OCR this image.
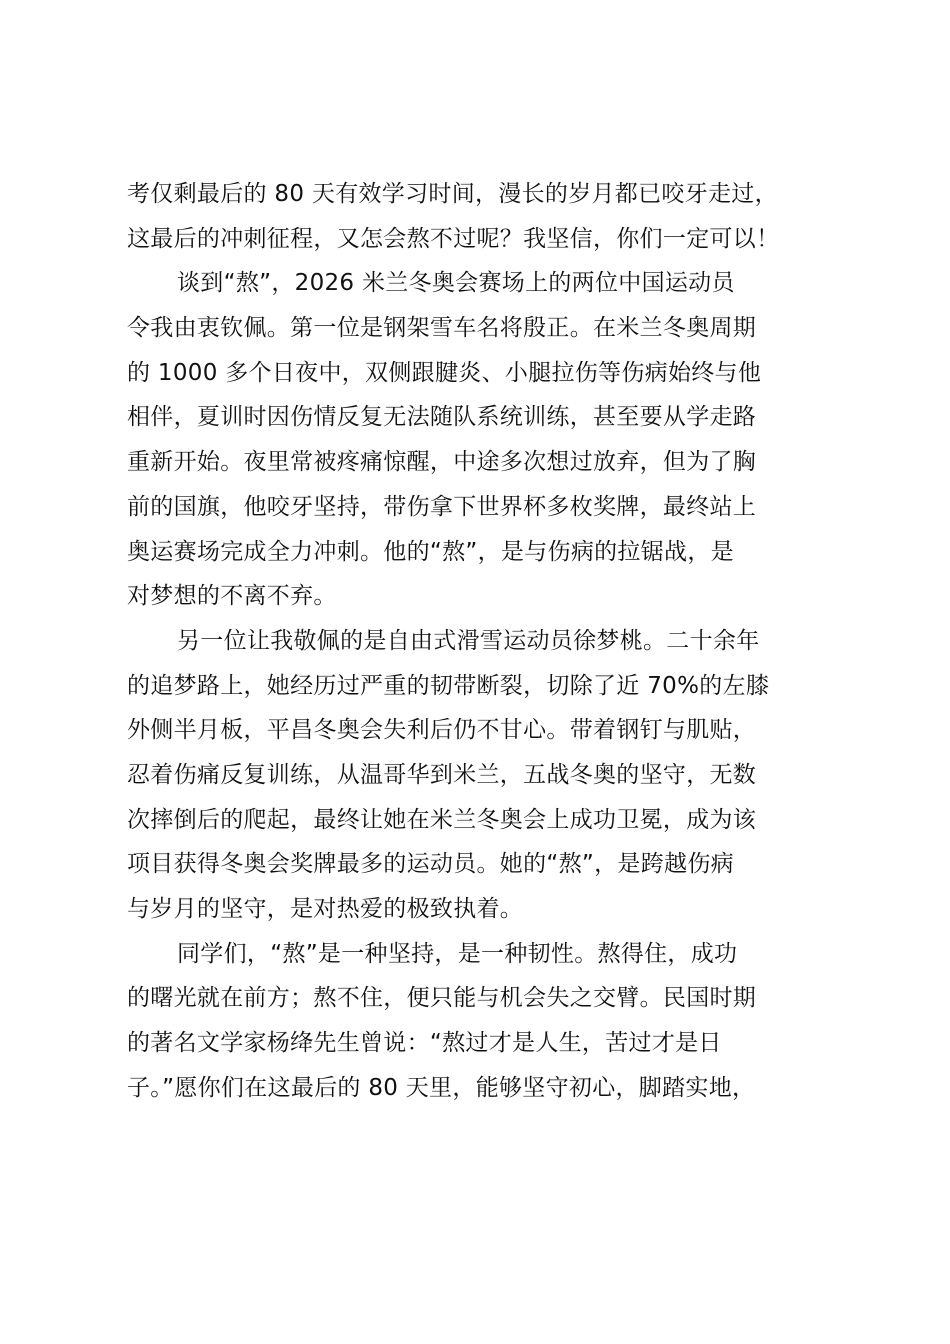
考仅剩最后的 80 天有效学习时间，漫长的岁月都已咬牙走过，
这最后的冲刺征程，又怎会熬不过呢？我坚信，你们一定可以！
谈到“熬”，2026 米兰冬奥会赛场上的两位中国运动员
令我由衷钦佩。第一位是钢架雪车名将殷正。在米兰冬奥周期
的 1000 多个日夜中，双侧跟腱炎、小腿拉伤等伤病始终与他
相伴，夏训时因伤情反复无法随队系统训练，甚至要从学走路
重新开始。夜里常被疼痛惊醒，中途多次想过放弃，但为了胸
前的国旗，他咬牙坚持，带伤拿下世界杯多枚奖牌，最终站上
奥运赛场完成全力冲刺。他的“熬”，是与伤病的拉锯战，是
对梦想的不离不弃。
另一位让我敬佩的是自由式滑雪运动员徐梦桃。二十余年
的追梦路上，她经历过严重的韧带断裂，切除了近 70%的左膝
外侧半月板，平昌冬奥会失利后仍不甘心。带着钢钉与肌贴，
忍着伤痛反复训练，从温哥华到米兰，五战冬奥的坚守，无数
次摔倒后的爬起，最终让她在米兰冬奥会上成功卫冕，成为该
项目获得冬奥会奖牌最多的运动员。她的“熬”，是跨越伤病
与岁月的坚守，是对热爱的极致执着。
同学们，“熬”是一种坚持，是一种韧性。熬得住，成功
的曙光就在前方；熬不住，便只能与机会失之交臂。民国时期
的著名文学家杨绛先生曾说：“熬过才是人生，苦过才是日
子。”愿你们在这最后的 80 天里，能够坚守初心，脚踏实地，
